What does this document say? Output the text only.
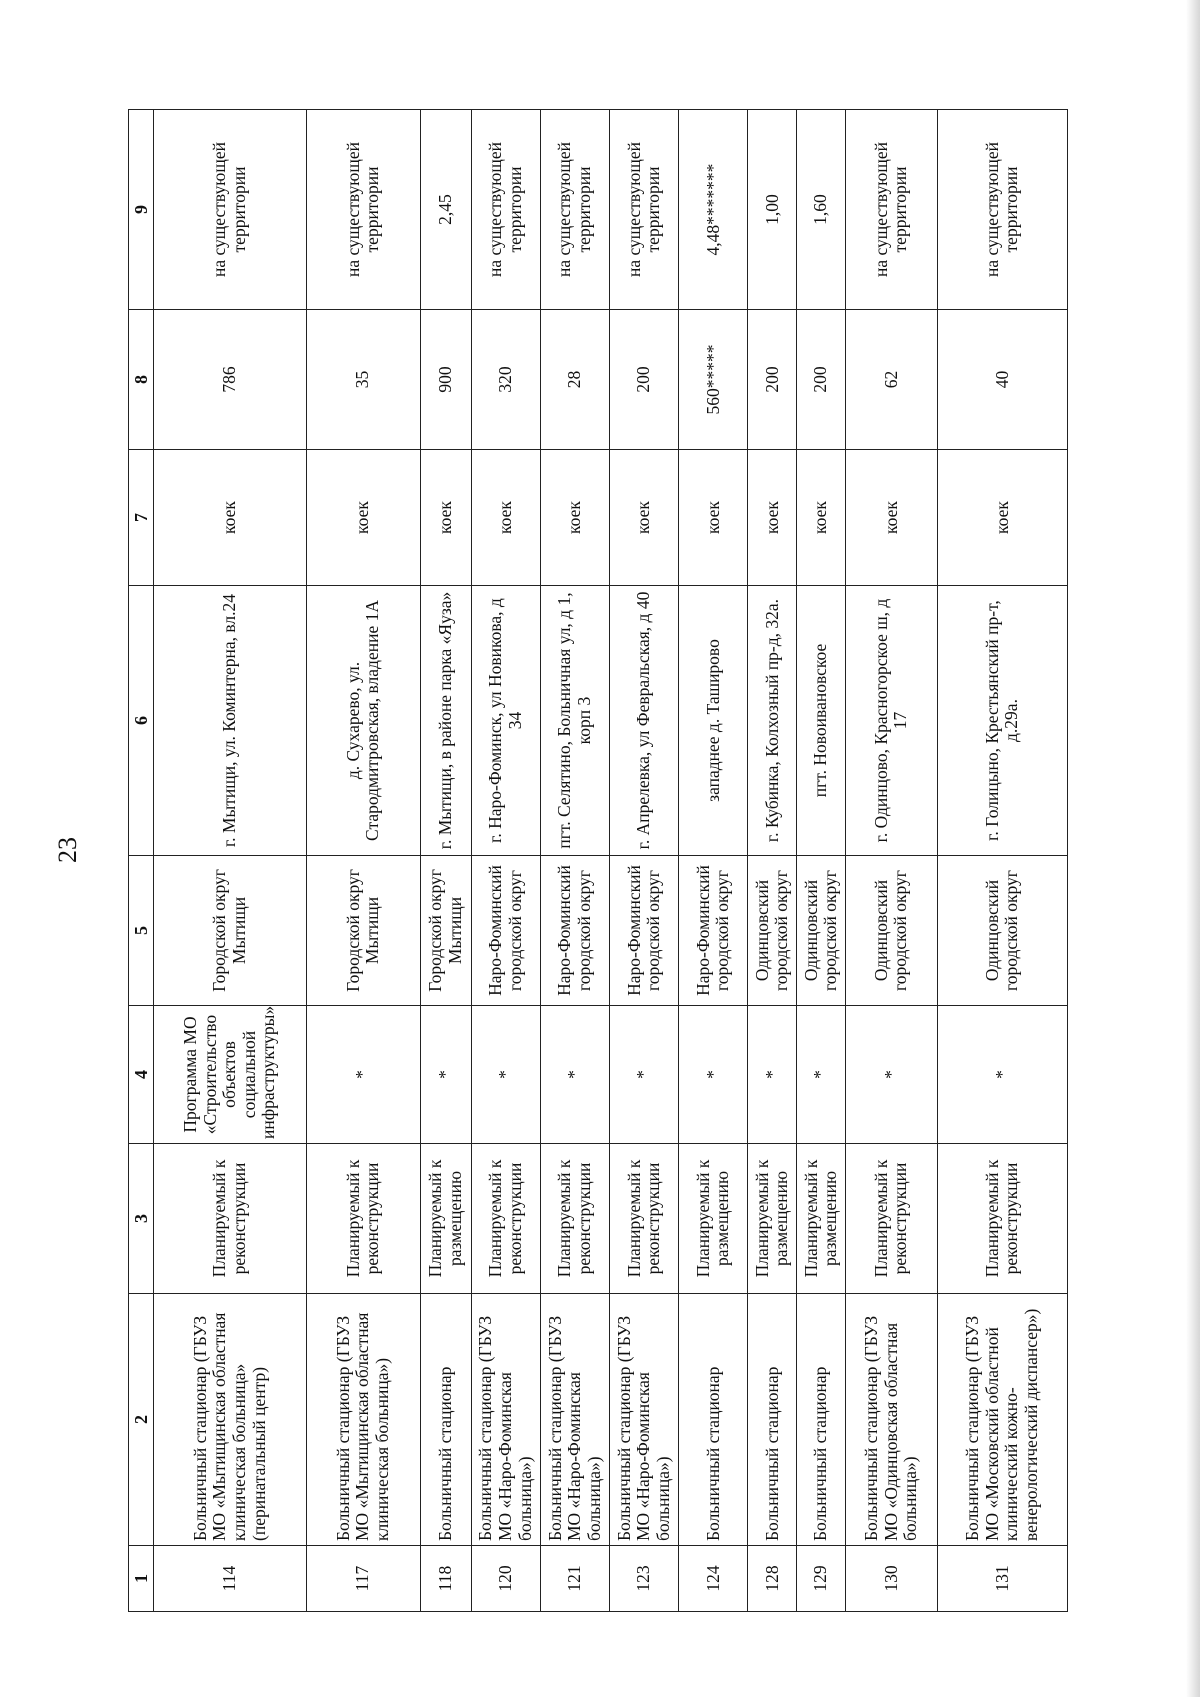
23
1	2	3	4	5	6	7	8	9
114	Больничный стационар (ГБУЗ МО «Мытищинская областная клиническая больница» (перинатальный центр)	Планируемый к реконструкции	Программа МО «Строительство объектов социальной инфраструктуры»	Городской округ Мытищи	г. Мытищи, ул. Коминтерна, вл.24	коек	786	на существующей территории
117	Больничный стационар (ГБУЗ МО «Мытищинская областная клиническая больница»)	Планируемый к реконструкции	*	Городской округ Мытищи	д. Сухарево, ул. Стародмитровская, владение 1А	коек	35	на существующей территории
118	Больничный стационар	Планируемый к размещению	*	Городской округ Мытищи	г. Мытищи, в районе парка «Яуза»	коек	900	2,45
120	Больничный стационар (ГБУЗ МО «Наро-Фоминская больница»)	Планируемый к реконструкции	*	Наро-Фоминский городской округ	г. Наро-Фоминск, ул Новикова, д 34	коек	320	на существующей территории
121	Больничный стационар (ГБУЗ МО «Наро-Фоминская больница»)	Планируемый к реконструкции	*	Наро-Фоминский городской округ	пгт. Селятино, Больничная ул, д 1, корп 3	коек	28	на существующей территории
123	Больничный стационар (ГБУЗ МО «Наро-Фоминская больница»)	Планируемый к реконструкции	*	Наро-Фоминский городской округ	г. Апрелевка, ул Февральская, д 40	коек	200	на существующей территории
124	Больничный стационар	Планируемый к размещению	*	Наро-Фоминский городской округ	западнее д. Таширово	коек	560*****	4,48*******
128	Больничный стационар	Планируемый к размещению	*	Одинцовский городской округ	г. Кубинка, Колхозный пр-д, 32а.	коек	200	1,00
129	Больничный стационар	Планируемый к размещению	*	Одинцовский городской округ	пгт. Новоивановское	коек	200	1,60
130	Больничный стационар (ГБУЗ МО «Одинцовская областная больница»)	Планируемый к реконструкции	*	Одинцовский городской округ	г. Одинцово, Красногорское ш, д 17	коек	62	на существующей территории
131	Больничный стационар (ГБУЗ МО «Московский областной клинический кожно-венерологический диспансер»)	Планируемый к реконструкции	*	Одинцовский городской округ	г. Голицыно, Крестьянский пр-т, д.29а.	коек	40	на существующей территории
